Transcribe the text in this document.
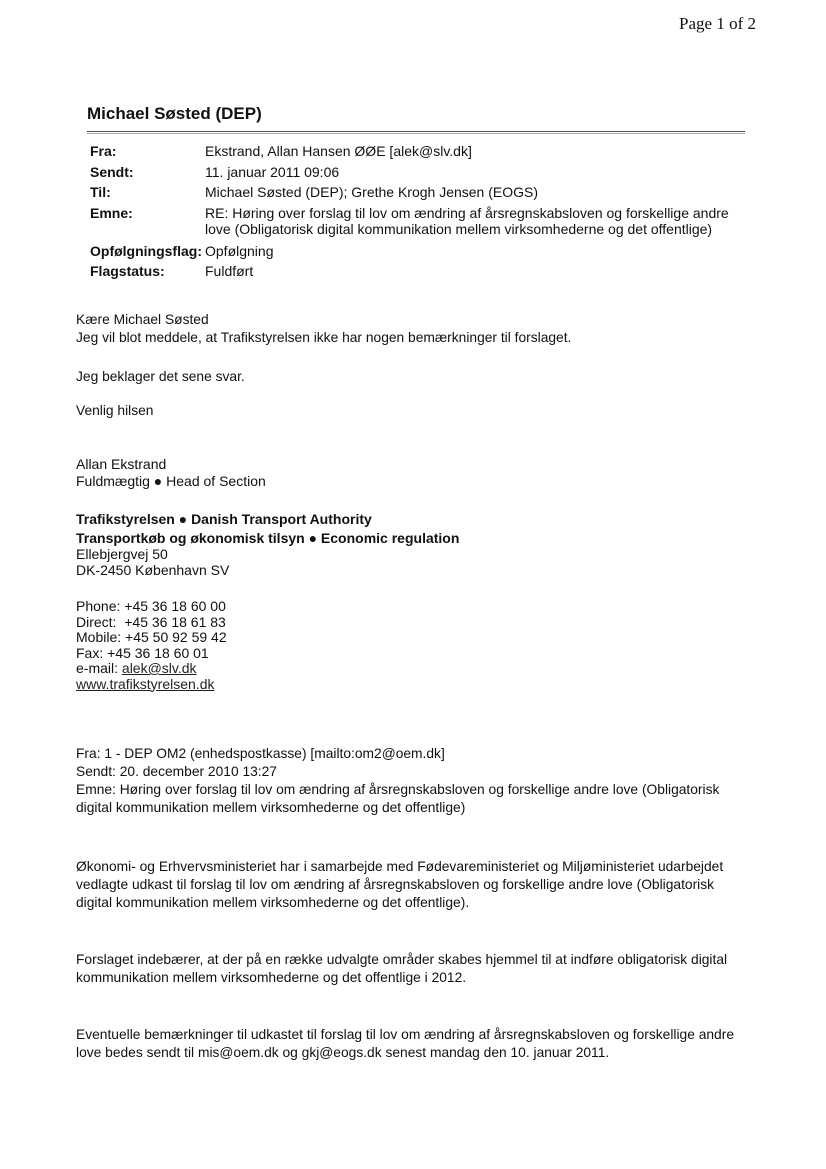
Page 1 of 2
Michael Søsted (DEP)
Fra:	Ekstrand, Allan Hansen ØØE [alek@slv.dk]
Sendt:	11. januar 2011 09:06
Til:	Michael Søsted (DEP); Grethe Krogh Jensen (EOGS)
Emne:	RE: Høring over forslag til lov om ændring af årsregnskabsloven og forskellige andre love (Obligatorisk digital kommunikation mellem virksomhederne og det offentlige)
Opfølgningsflag: Opfølgning
Flagstatus:	Fuldført

Kære Michael Søsted

Jeg vil blot meddele, at Trafikstyrelsen ikke har nogen bemærkninger til forslaget.

Jeg beklager det sene svar.

Venlig hilsen

Allan Ekstrand

Fuldmægtig ● Head of Section

Trafikstyrelsen ● Danish Transport Authority

Transportkøb og økonomisk tilsyn ● Economic regulation

Ellebjergvej 50

DK-2450 København SV

Phone: +45 36 18 60 00

Direct:  +45 36 18 61 83

Mobile: +45 50 92 59 42

Fax: +45 36 18 60 01

e-mail: alek@slv.dk

www.trafikstyrelsen.dk

Fra: 1 - DEP OM2 (enhedspostkasse) [mailto:om2@oem.dk]

Sendt: 20. december 2010 13:27

Emne: Høring over forslag til lov om ændring af årsregnskabsloven og forskellige andre love (Obligatorisk

digital kommunikation mellem virksomhederne og det offentlige)

Økonomi- og Erhvervsministeriet har i samarbejde med Fødevareministeriet og Miljøministeriet udarbejdet

vedlagte udkast til forslag til lov om ændring af årsregnskabsloven og forskellige andre love (Obligatorisk

digital kommunikation mellem virksomhederne og det offentlige).

Forslaget indebærer, at der på en række udvalgte områder skabes hjemmel til at indføre obligatorisk digital

kommunikation mellem virksomhederne og det offentlige i 2012.

Eventuelle bemærkninger til udkastet til forslag til lov om ændring af årsregnskabsloven og forskellige andre

love bedes sendt til mis@oem.dk og gkj@eogs.dk senest mandag den 10. januar 2011.
